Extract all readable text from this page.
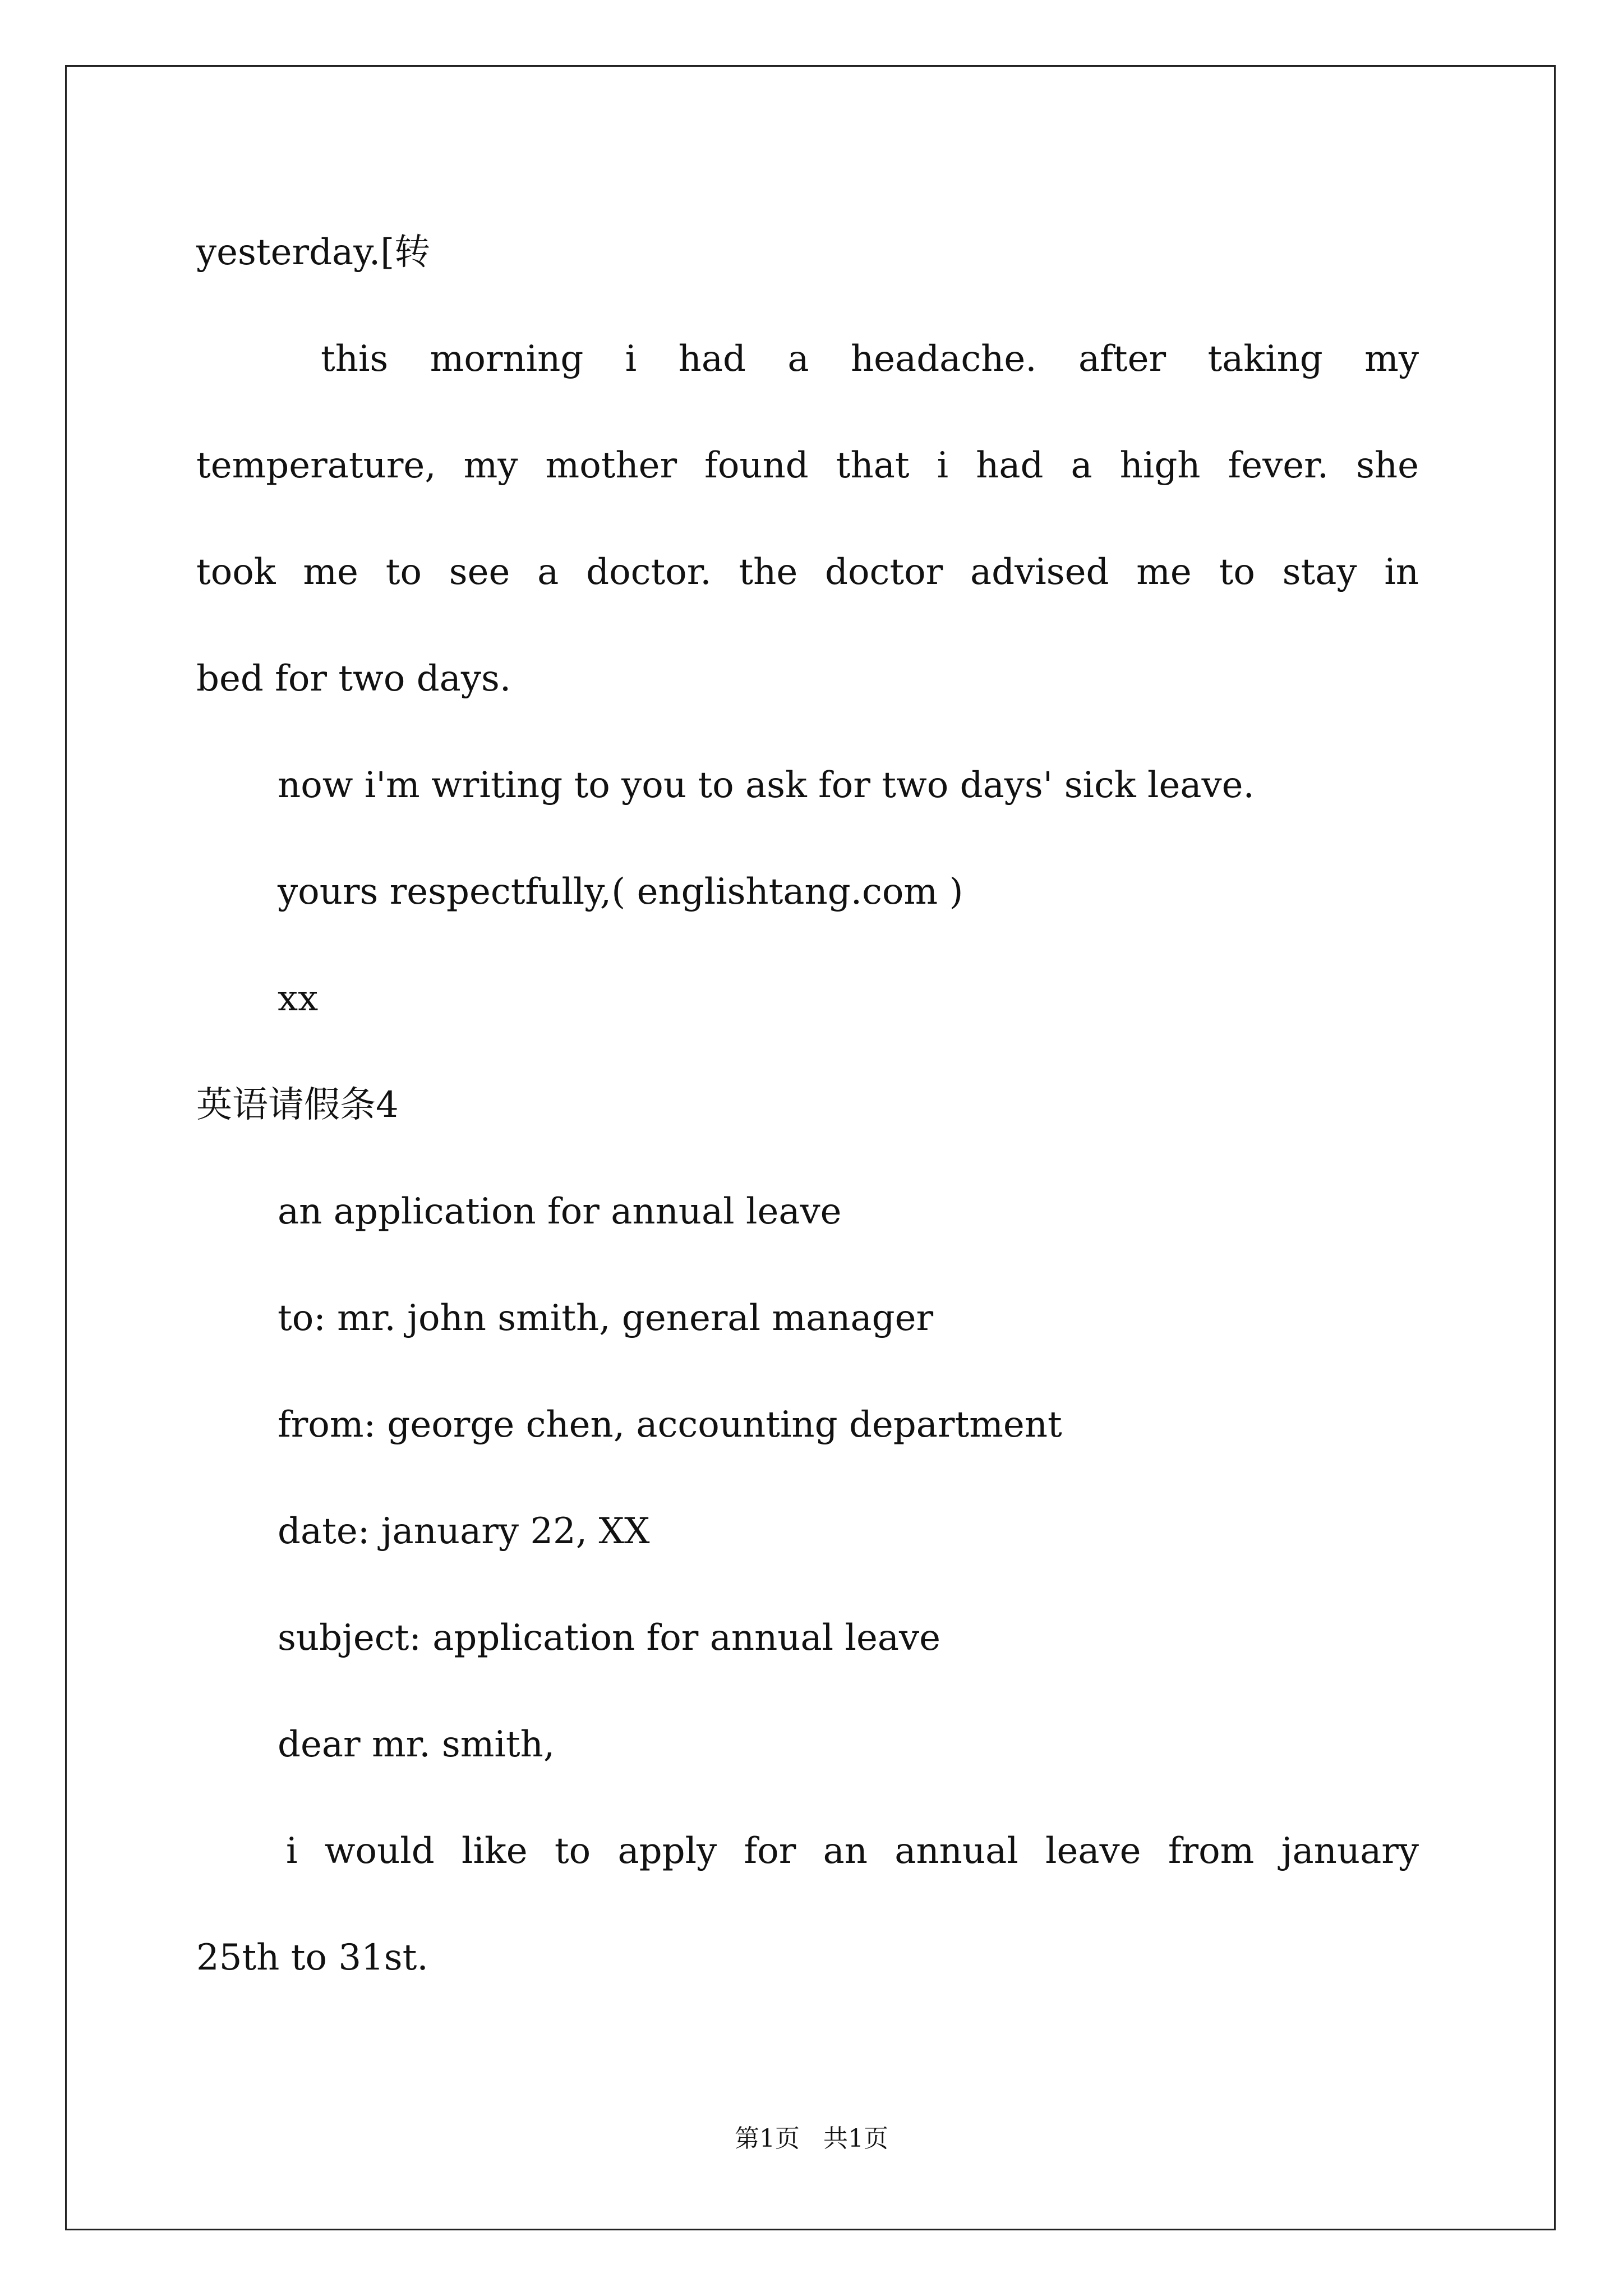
yesterday.[转
this morning i had a headache. after taking my
temperature, my mother found that i had a high fever. she
took me to see a doctor. the doctor advised me to stay in
bed for two days.
now i'm writing to you to ask for two days' sick leave.
yours respectfully,( englishtang.com )
xx
英语请假条4
an application for annual leave
to: mr. john smith, general manager
from: george chen, accounting department
date: january 22, XX
subject: application for annual leave
dear mr. smith,
i would like to apply for an annual leave from january
25th to 31st.
第1页   共1页
